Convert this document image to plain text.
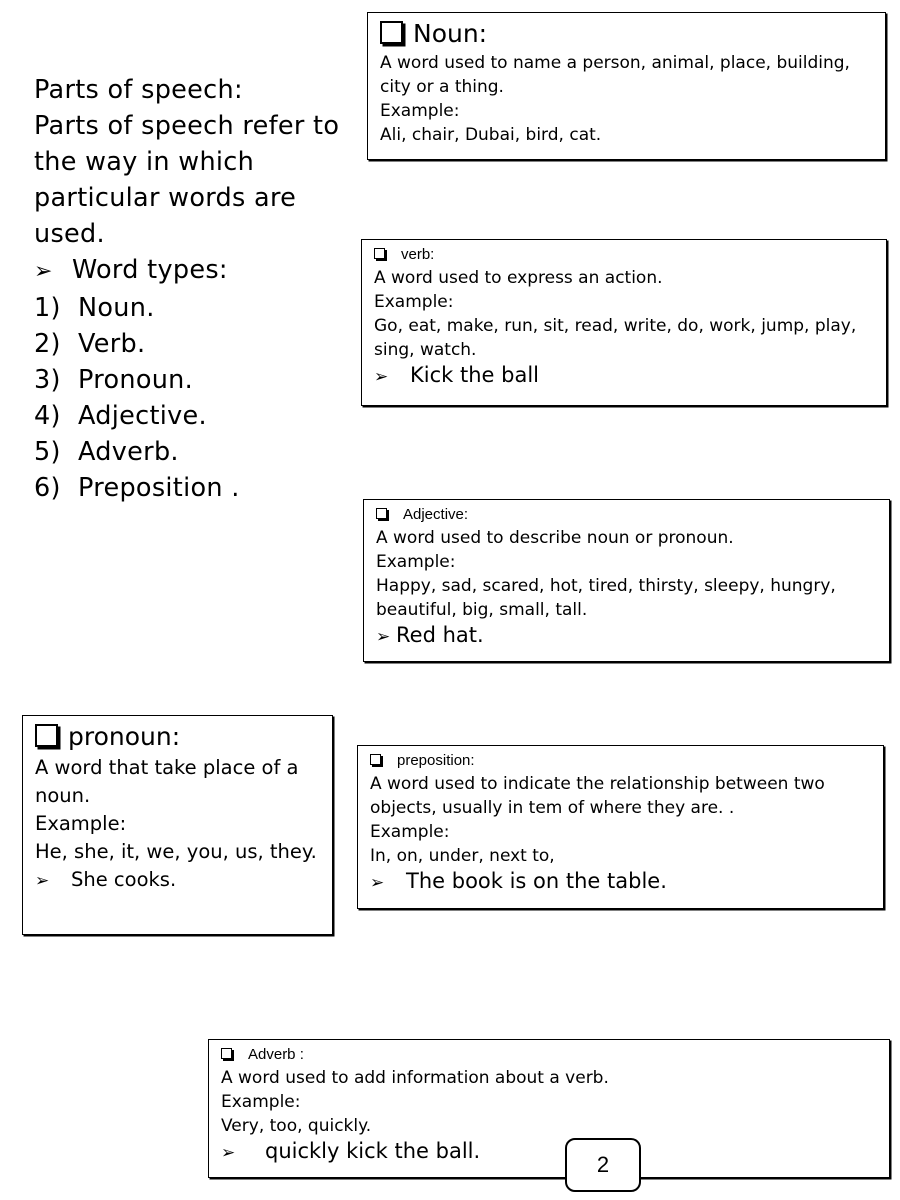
Parts of speech:

Parts of speech refer to the way in which particular words are used.

➢ Word types:

1) Noun.
2) Verb.
3) Pronoun.
4) Adjective.
5) Adverb.
6) Preposition .
Noun:

A word used to name a person, animal, place, building, city or a thing.

Example:

Ali, chair, Dubai, bird, cat.

verb:

A word used to express an action.

Example:

Go, eat, make, run, sit, read, write, do, work, jump, play, sing, watch.

➢ Kick the ball

Adjective:

A word used to describe noun or pronoun.

Example:

Happy, sad, scared, hot, tired, thirsty, sleepy, hungry, beautiful, big, small, tall.

➢ Red hat.

pronoun:

A word that take place of a noun.

Example:

He, she, it, we, you, us, they.

➢ She cooks.

preposition:

A word used to indicate the relationship between two objects, usually in tem of where they are. .

Example:

In, on, under, next to,

➢ The book is on the table.

Adverb :

A word used to add information about a verb.

Example:

Very, too, quickly.

➢ quickly kick the ball.

2
